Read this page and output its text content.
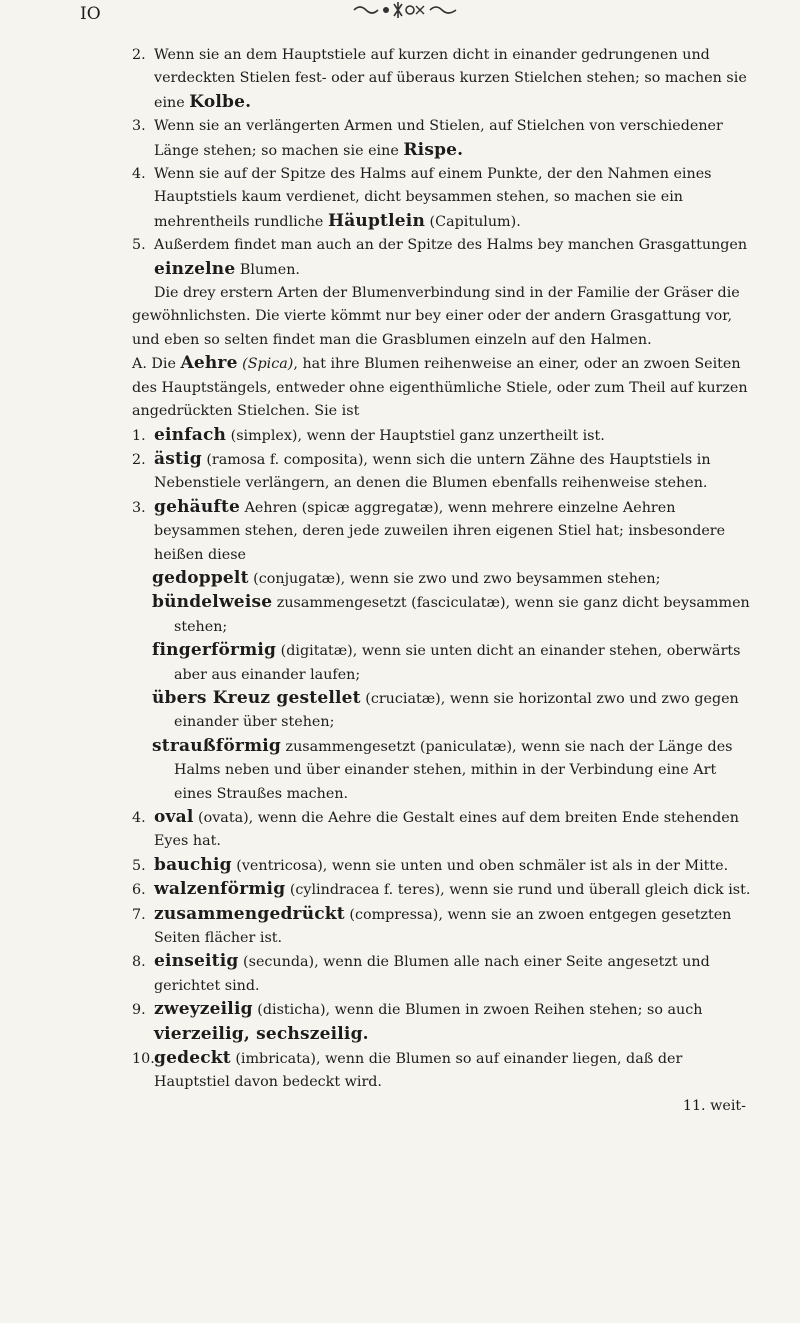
IO

2. Wenn sie an dem Hauptstiele auf kurzen dicht in einander gedrungenen und verdeckten Stielen fest- oder auf überaus kurzen Stielchen stehen; so machen sie eine Kolbe.

3. Wenn sie an verlängerten Armen und Stielen, auf Stielchen von verschiedener Länge stehen; so machen sie eine Rispe.

4. Wenn sie auf der Spitze des Halms auf einem Punkte, der den Nahmen eines Hauptstiels kaum verdienet, dicht beysammen stehen, so machen sie ein mehrentheils rundliche Häuptlein (Capitulum).

5. Außerdem findet man auch an der Spitze des Halms bey manchen Grasgattungen einzelne Blumen.

Die drey erstern Arten der Blumenverbindung sind in der Familie der Gräser die gewöhnlichsten. Die vierte kömmt nur bey einer oder der andern Grasgattung vor, und eben so selten findet man die Grasblumen einzeln auf den Halmen.

A. Die Aehre (Spica), hat ihre Blumen reihenweise an einer, oder an zwoen Seiten des Hauptstängels, entweder ohne eigenthümliche Stiele, oder zum Theil auf kurzen angedrückten Stielchen. Sie ist

1. einfach (simplex), wenn der Hauptstiel ganz unzertheilt ist.

2. ästig (ramosa f. composita), wenn sich die untern Zähne des Hauptstiels in Nebenstiele verlängern, an denen die Blumen ebenfalls reihenweise stehen.

3. gehäufte Aehren (spicæ aggregatæ), wenn mehrere einzelne Aehren beysammen stehen, deren jede zuweilen ihren eigenen Stiel hat; insbesondere heißen diese

gedoppelt (conjugatæ), wenn sie zwo und zwo beysammen stehen;

bündelweise zusammengesetzt (fasciculatæ), wenn sie ganz dicht beysammen stehen;

fingerförmig (digitatæ), wenn sie unten dicht an einander stehen, oberwärts aber aus einander laufen;

übers Kreuz gestellet (cruciatæ), wenn sie horizontal zwo und zwo gegen einander über stehen;

straußförmig zusammengesetzt (paniculatæ), wenn sie nach der Länge des Halms neben und über einander stehen, mithin in der Verbindung eine Art eines Straußes machen.

4. oval (ovata), wenn die Aehre die Gestalt eines auf dem breiten Ende stehenden Eyes hat.

5. bauchig (ventricosa), wenn sie unten und oben schmäler ist als in der Mitte.

6. walzenförmig (cylindracea f. teres), wenn sie rund und überall gleich dick ist.

7. zusammengedrückt (compressa), wenn sie an zwoen entgegen gesetzten Seiten flächer ist.

8. einseitig (secunda), wenn die Blumen alle nach einer Seite angesetzt und gerichtet sind.

9. zweyzeilig (disticha), wenn die Blumen in zwoen Reihen stehen; so auch vierzeilig, sechszeilig.

10.gedeckt (imbricata), wenn die Blumen so auf einander liegen, daß der Hauptstiel davon bedeckt wird.

11. weit-
